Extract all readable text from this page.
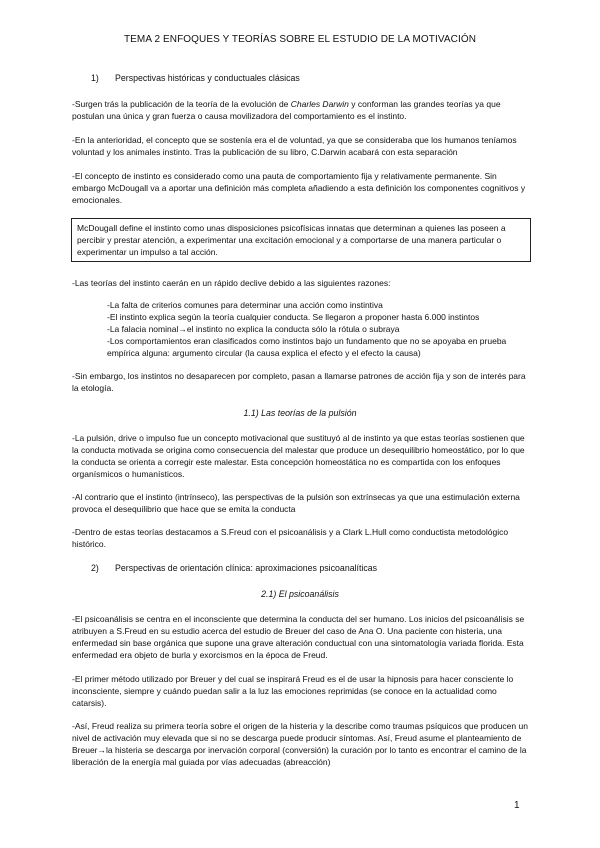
TEMA 2 ENFOQUES Y TEORÍAS SOBRE EL ESTUDIO DE LA MOTIVACIÓN
1) Perspectivas históricas y conductuales clásicas

-Surgen trás la publicación de la teoría de la evolución de Charles Darwin y conforman las grandes teorías ya que postulan una única y gran fuerza o causa movilizadora del comportamiento es el instinto.

-En la anterioridad, el concepto que se sostenía era el de voluntad, ya que se consideraba que los humanos teníamos voluntad y los animales instinto. Tras la publicación de su libro, C.Darwin acabará con esta separación

-El concepto de instinto es considerado como una pauta de comportamiento fija y relativamente permanente. Sin embargo McDougall va a aportar una definición más completa añadiendo a esta definición los componentes cognitivos y emocionales.

McDougall define el instinto como unas disposiciones psicofísicas innatas que determinan a quienes las poseen a percibir y prestar atención, a experimentar una excitación emocional y a comportarse de una manera particular o experimentar un impulso a tal acción.

-Las teorías del instinto caerán en un rápido declive debido a las siguientes razones:

-La falta de criterios comunes para determinar una acción como instintiva
-El instinto explica según la teoría cualquier conducta. Se llegaron a proponer hasta 6.000 instintos
-La falacia nominal→el instinto no explica la conducta sólo la rótula o subraya
-Los comportamientos eran clasificados como instintos bajo un fundamento que no se apoyaba en prueba empírica alguna: argumento circular (la causa explica el efecto y el efecto la causa)

-Sin embargo, los instintos no desaparecen por completo, pasan a llamarse patrones de acción fija y son de interés para la etología.

1.1) Las teorías de la pulsión

-La pulsión, drive o impulso fue un concepto motivacional que sustituyó al de instinto ya que estas teorías sostienen que la conducta motivada se origina como consecuencia del malestar que produce un desequilibrio homeostático, por lo que la conducta se orienta a corregir este malestar. Esta concepción homeostática no es compartida con los enfoques organísmicos o humanísticos.

-Al contrario que el instinto (intrínseco), las perspectivas de la pulsión son extrínsecas ya que una estimulación externa provoca el desequilibrio que hace que se emita la conducta

-Dentro de estas teorías destacamos a S.Freud con el psicoanálisis y a Clark L.Hull como conductista metodológico histórico.

2) Perspectivas de orientación clínica: aproximaciones psicoanalíticas
2.1) El psicoanálisis

-El psicoanálisis se centra en el inconsciente que determina la conducta del ser humano. Los inicios del psicoanálisis se atribuyen a S.Freud en su estudio acerca del estudio de Breuer del caso de Ana O. Una paciente con histeria, una enfermedad sin base orgánica que supone una grave alteración conductual con una sintomatología variada florida. Esta enfermedad era objeto de burla y exorcismos en la época de Freud.

-El primer método utilizado por Breuer y del cual se inspirará Freud es el de usar la hipnosis para hacer consciente lo inconsciente, siempre y cuándo puedan salir a la luz las emociones reprimidas (se conoce en la actualidad como catarsis).

-Así, Freud realiza su primera teoría sobre el origen de la histeria y la describe como traumas psíquicos que producen un nivel de activación muy elevada que si no se descarga puede producir síntomas. Así, Freud asume el planteamiento de Breuer→la histeria se descarga por inervación corporal (conversión) la curación por lo tanto es encontrar el camino de la liberación de la energía mal guiada por vías adecuadas (abreacción)

1
